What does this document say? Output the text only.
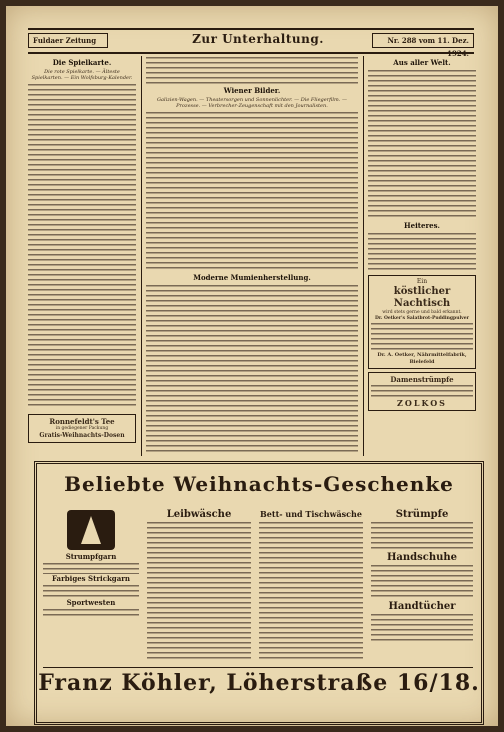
Fuldaer Zeitung	Zur Unterhaltung.	Nr. 288 vom 11. Dez. 1924.
Die Spielkarte.
Die rote Spielkarte. — Älteste Spielkarten. — Ein Wolfsburg-Kalender.
Ronnefeldt's Tee
in gediegener Packung
Gratis-Weihnachts-Dosen
Wiener Bilder.
Galizien-Wagen. — Theatersorgen und Sonnenlichter. — Die Fliegerfilm. — Prozesse. — Verbrecher-Zeugenschaft mit den Journalisten.
Moderne Mumienherstellung.
Aus aller Welt.
Heiteres.
Ein
köstlicher Nachtisch
wird stets gerne und bald erkannt.
Dr. Oetker's Salatbrot-Puddingpulver
Dr. A. Oetker, Nährmittelfabrik, Bielefeld
Damenstrümpfe
ZOLKOS
Beliebte Weihnachts-Geschenke
Strumpfgarn
Farbiges Strickgarn
Sportwesten
Leibwäsche	Bett- und Tischwäsche	Strümpfe
Handschuhe
Handtücher
Franz Köhler, Löherstraße 16/18.
